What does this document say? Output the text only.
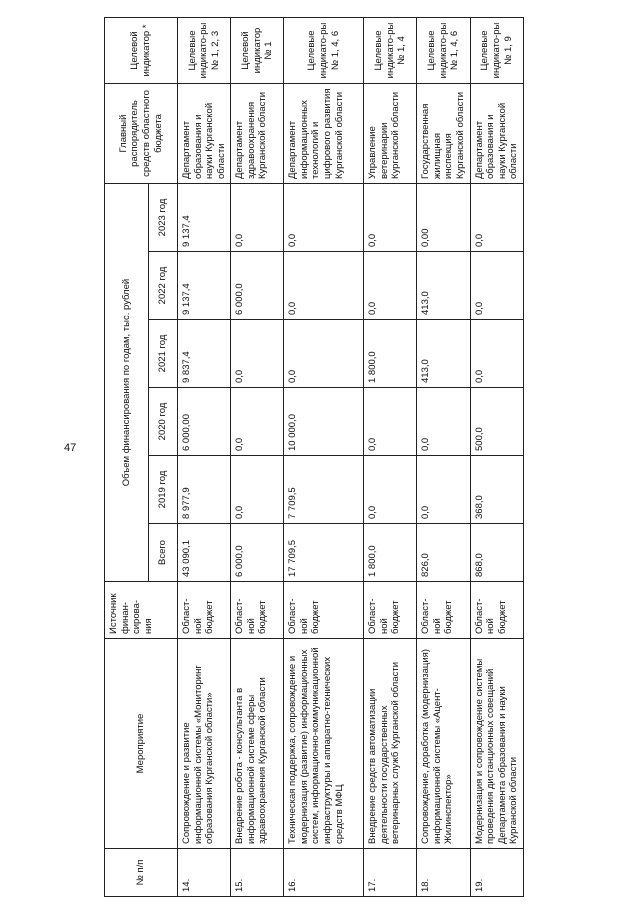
47
№ п/п	Мероприятие	Источник финан-сирова-ния	Объем финансирования по годам, тыс. рублей						Главный распорядитель средств областного бюджета	Целевой индикатор *
			Всего	2019 год	2020 год	2021 год	2022 год	2023 год		
14.	Сопровождение и развитие информационной системы «Мониторинг образования Курганской области»	Област-ной бюджет	43 090,1	8 977,9	6 000,00	9 837,4	9 137,4	9 137,4	Департамент образования и науки Курганской области	Целевые индикато-ры № 1, 2, 3
15.	Внедрение робота - консультанта в информационной системе сферы здравоохранения Курганской области	Област-ной бюджет	6 000,0	0,0	0,0	0,0	6 000,0	0,0	Департамент здравоохранения Курганской области	Целевой индикатор № 1
16.	Техническая поддержка, сопровождение и модернизация (развитие) информационных систем, информационно-коммуникационной инфраструктуры и аппаратно-технических средств МФЦ	Област-ной бюджет	17 709,5	7 709,5	10 000,0	0,0	0,0	0,0	Департамент информационных технологий и цифрового развития Курганской области	Целевые индикато-ры № 1, 4, 6
17.	Внедрение средств автоматизации деятельности государственных ветеринарных служб Курганской области	Област-ной бюджет	1 800,0	0,0	0,0	1 800,0	0,0	0,0	Управление ветеринарии Курганской области	Целевые индикато-ры № 1, 4
18.	Сопровождение, доработка (модернизация) информационной системы «Ацент-Жилинспектор»	Област-ной бюджет	826,0	0,0	0,0	413,0	413,0	0,00	Государственная жилищная инспекция Курганской области	Целевые индикато-ры № 1, 4, 6
19.	Модернизация и сопровождение системы проведения дистанционных совещаний Департамента образования и науки Курганской области	Област-ной бюджет	868,0	368,0	500,0	0,0	0,0	0,0	Департамент образования и науки Курганской области	Целевые индикато-ры № 1, 9
